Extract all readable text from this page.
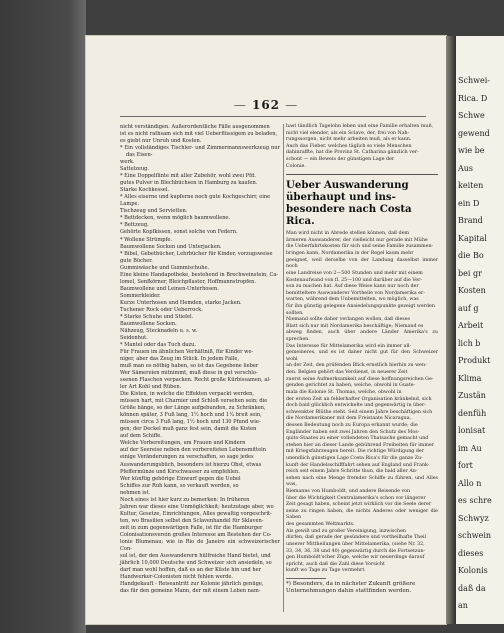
— 162 —

nicht verständigen. Außerordentliche Fälle ausgenommen

ist es nicht rathsam sich mit viel Ueberflüssigem zu beladen,

es giebt nur Unruh und Kosten.

* Ein vollständiges Tischler- und Zimmermannswerkzeug nur das Eisen-

werk.

Sattelzeug.

* Eine Doppelflinte mit aller Zubehör, wohl zwei Pfd.

gutes Pulver in Blechbüchsen in Hamburg zu kaufen.

Starke Kochkessel.

* Alles eiserne und kupferne noch gute Kochgeschirr, eine

Lampe.

Tischzeug und Servietten.

* Bettdecken, wenn möglich baumwollene.

* Bettzeug.

Gehörte Kopfkissen, sonst solche von Federn.

* Wollene Strümpfe.

Baumwollene Socken und Unterjacken.

* Bibel, Gebetbücher, Lehrbücher für Kinder, vorzugsweise

gute Bücher.

Gummiwäsche und Gummischuhe.

Eine kleine Handapotheke, bestehend in Brechweinstein, Ca-

lomel, Senfkörner, Bleichpflaster, Hoffmannstropfen.

Baumwollene und Leinen-Unterhosen.

Sommerkleider.

Kurze Unterhosen und Hemden, starke Jacken.

Tuchener Rock oder Ueberrock.

* Starke Schuhe und Stiefel.

Baumwollene Socken.

Nähzeug, Stecknadeln u. s. w.

Seidenhut.

* Mantel oder das Tuch dazu.

Für Frauen im ähnlichen Verhältniß, für Kinder we-

niger, aber das Zeug im Stück. In jedem Falle,

muß man es nöthig haben, so ist das Gegebene lieber

Wer Sämereien mitnimmt, muß diese in gut verschlo-

ssenen Flaschen verpacken. Recht große Kürbissamen, al-

ler Art Kohl und Rüben.

Die Kisten, in welche die Effekten verpackt werden,

müssen hart, mit Charnier und Schloß versehen sein; die

Größe hänge, so der Länge aufgebunden, zu Schränken,

können später, 3 Fuß lang, 1½ hoch und 1¼ breit sein,

müssen circa 3 Fuß lang, 1½ hoch und 130 Pfund wie-

gen; der Deckel muß ganz fest sein, damit die Kisten

auf dem Schiffe.

Welche Vorbereitungen, um Frauen und Kindern

auf der Seereise neben den vorbereiteten Lebensmitteln

einige Veränderungen zu verschaffen, so sage jedes

Auswanderungsbüch, besonders ist hierzu Obst, etwas

Pfeffermünze und Kirschwasser zu empfehlen.

Wer künftig gehörige Einwurf gegen die Uebel

Schiffes zur Ruh kann, so verkauft werden, so

nehmen ist.

Noch eines ist hier kurz zu bemerken: In früheren

Jahren war dieses eine Unmöglichkeit; heutzutage aber, wo

Kultur, Gesetze, Einrichtungen, Alles gewaltig vorgeschrit-

ten, wo Brasilien selbst den Sclavenhandel für Sklaven-

zeit in zum gegenwärtigen Falle, ist für die Hamburger

Colonisationsverein großes Interesse am Bestehen der Co-

lonie Blumenau; wie in Rio de Janeiro ein schweizerischer Con-

sul ist, der den Auswanderern hülfreiche Hand bietet, und

jährlich 10,000 Deutsche und Schweizer sich ansiedeln, so

darf man wohl hoffen, daß es an der Küste hin und her

Handwerker-Colonisten nicht fehlen werde.

Handgekauft - Reiseantritt zur Kolonie jährlich genüge,

das für den gemeine Mann, der mit einem Leben nam-

hast tändlich Tagelohn leben und eine Familie erhalten muß,

nicht viel elender, als ein Sclave, der, frei von Nah-

rungssorgen, nicht mehr arbeiten muß, als er kann.

Auch das Fieber, welches täglich so viele Menschen

dahinraffte, hat die Provinz St. Catharina gänzlich ver-

schont — ein Beweis der günstigen Lage der

Colonie.

Ueber Auswanderung überhaupt und ins-
besondere nach Costa Rica.

Man wird nicht in Abrede stellen können, daß dem

ärmeren Auswanderer, der vielleicht nur gerade mit Mühe

die Ueberfahrtskosten für sich und seine Familie zusammen-

bringen kann, Nordamerika in der Regel kaum mehr

geeignet, weil derselbe von der Landung dasselbst immer noch

eine Landreise von 2—500 Stunden und mehr mit einem

Kostenaufwand von fl. 25—100 und darüber auf die Ver-

son zu machen hat. Auf diese Weise kann nur noch der

bemitteltere Auswanderer Vortheile von Nordamerika er-

warten, während dem Unbemittelten, wo möglich, was

für ihn günstig gelegene Ansiedelungspunkte gezeigt werden

sollten.

Niemand sollte daher verlangen wollen, daß dieses

Blatt sich nur mit Nordamerika beschäftige; Niemand es

abweg finden, auch über andere Länder Amerika's zu sprechen.

Das Interesse für Mittelamerika wird ein immer all-

gemeineres, und es ist daher nicht gut für den Schweizer wohl

an der Zeit, den prüfenden Blick ernstlich hierhin zu wen-

den. Belgien gehört das Verdienst, in neuerer Zeit

zuerst seine Aufmerksamkeit auf diese hoffnungsreichen Ge-

genden gerichtet zu haben, welche, obwohl in Guate-

mala die Kolonie St. Thomas, welche, obwohl in

der ersten Zeit an fehlerhafter Organisation kränkelnd, sich

doch bald glücklich entwickelte und gegenwärtig in über-

schwenkter Blüthe steht. Seit einem Jahre beschäftigen sich

die Nordamerikaner mit dem Freistaate Nicaragua,

dessen Bedeutung noch zu Europa erkannt wurde; die

Engländer haben seit zwei Jahren den Schutz des Mos-

quito-Staates zu einer vollendeten Thatsache gemacht und

stehen hier an dieser Lande gebührend Freiheiten für immer

mit Kriegsfahrzeugen bereit. Die richtige Würdigung der

unendlich günstigen Lage Costa Rica's für die ganze Zu-

kunft der Handelsschifffahrt sehen auf England und Frank-

reich seit einem Jahre Schritte thun, die bald aller An-

sehen nach eine Menge fremder Schiffe zu führen, und Alles was,

Riemanns von Humboldt, und andere Reisende von

über die Wichtigkeit Centralamerika's schon vor längerer

Zeit gesagt haben, scheint jetzt wirklich vor die Seele derer

seine zu ringen haben, die nichts Anderes oder weniger die Saben

des gesammten Weltmarkts.

Als gewiß und zu großer Vereinigung, inzwischen

dürfen, daß gerade der gesündere und vortheilhafte Theil

unserer Mittheilungen über Mittelamerika, (siehe Nr. 32,

33, 34, 36, 38 und 40) gegenwärtig durch die Fortsetzun-

gen Humboldt'scher Züge, welche wir neuerdings darauf

spricht, auch daß die Zahl diese Vorsicht

kunft wo Tage zu Tage vermehrt.

*) Besonders, da in nächster Zukunft größere Unternehmungen dahin stattfinden werden.
Schwei-
Rica. D
Schwe
gewend
wie be
Aus
keiten
ein D
Brand
Kapital
die Bo
bei gr
Kosten
auf g
Arbeit
lich b
Produkt
Klima
Zustän
denfüh
lonisat
im Au
fort
Allo n
es schre
Schwyz
schwein
dieses
Kolonis
daß da
an
